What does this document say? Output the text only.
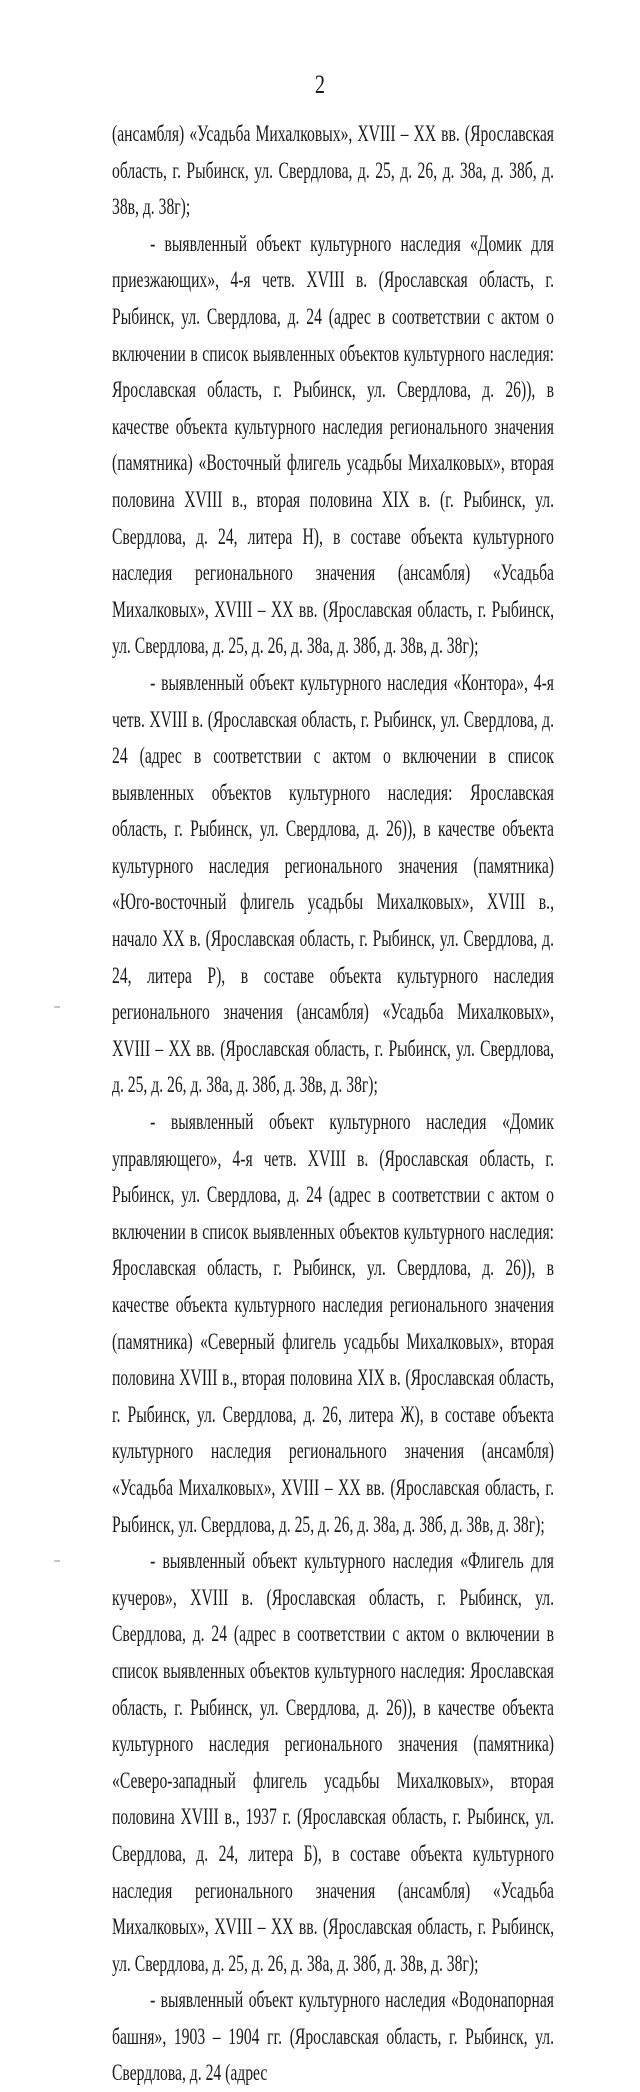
2

(ансамбля) «Усадьба Михалковых», XVIII – XX вв. (Ярославская область, г. Рыбинск, ул. Свердлова, д. 25, д. 26, д. 38а, д. 38б, д. 38в, д. 38г);

- выявленный объект культурного наследия «Домик для приезжающих», 4-я четв. XVIII в. (Ярославская область, г. Рыбинск, ул. Свердлова, д. 24 (адрес в соответствии с актом о включении в список выявленных объектов культурного наследия: Ярославская область, г. Рыбинск, ул. Свердлова, д. 26)), в качестве объекта культурного наследия регионального значения (памятника) «Восточный флигель усадьбы Михалковых», вторая половина XVIII в., вторая половина XIX в. (г. Рыбинск, ул. Свердлова, д. 24, литера Н), в составе объекта культурного наследия регионального значения (ансамбля) «Усадьба Михалковых», XVIII – XX вв. (Ярославская область, г. Рыбинск, ул. Свердлова, д. 25, д. 26, д. 38а, д. 38б, д. 38в, д. 38г);

- выявленный объект культурного наследия «Контора», 4-я четв. XVIII в. (Ярославская область, г. Рыбинск, ул. Свердлова, д. 24 (адрес в соответствии с актом о включении в список выявленных объектов культурного наследия: Ярославская область, г. Рыбинск, ул. Свердлова, д. 26)), в качестве объекта культурного наследия регионального значения (памятника) «Юго-восточный флигель усадьбы Михалковых», XVIII в., начало XX в. (Ярославская область, г. Рыбинск, ул. Свердлова, д. 24, литера Р), в составе объекта культурного наследия регионального значения (ансамбля) «Усадьба Михалковых», XVIII – XX вв. (Ярославская область, г. Рыбинск, ул. Свердлова, д. 25, д. 26, д. 38а, д. 38б, д. 38в, д. 38г);

- выявленный объект культурного наследия «Домик управляющего», 4-я четв. XVIII в. (Ярославская область, г. Рыбинск, ул. Свердлова, д. 24 (адрес в соответствии с актом о включении в список выявленных объектов культурного наследия: Ярославская область, г. Рыбинск, ул. Свердлова, д. 26)), в качестве объекта культурного наследия регионального значения (памятника) «Северный флигель усадьбы Михалковых», вторая половина XVIII в., вторая половина XIX в. (Ярославская область, г. Рыбинск, ул. Свердлова, д. 26, литера Ж), в составе объекта культурного наследия регионального значения (ансамбля) «Усадьба Михалковых», XVIII – XX вв. (Ярославская область, г. Рыбинск, ул. Свердлова, д. 25, д. 26, д. 38а, д. 38б, д. 38в, д. 38г);

- выявленный объект культурного наследия «Флигель для кучеров», XVIII в. (Ярославская область, г. Рыбинск, ул. Свердлова, д. 24 (адрес в соответствии с актом о включении в список выявленных объектов культурного наследия: Ярославская область, г. Рыбинск, ул. Свердлова, д. 26)), в качестве объекта культурного наследия регионального значения (памятника) «Северо-западный флигель усадьбы Михалковых», вторая половина XVIII в., 1937 г. (Ярославская область, г. Рыбинск, ул. Свердлова, д. 24, литера Б), в составе объекта культурного наследия регионального значения (ансамбля) «Усадьба Михалковых», XVIII – XX вв. (Ярославская область, г. Рыбинск, ул. Свердлова, д. 25, д. 26, д. 38а, д. 38б, д. 38в, д. 38г);

- выявленный объект культурного наследия «Водонапорная башня», 1903 – 1904 гг. (Ярославская область, г. Рыбинск, ул. Свердлова, д. 24 (адрес
